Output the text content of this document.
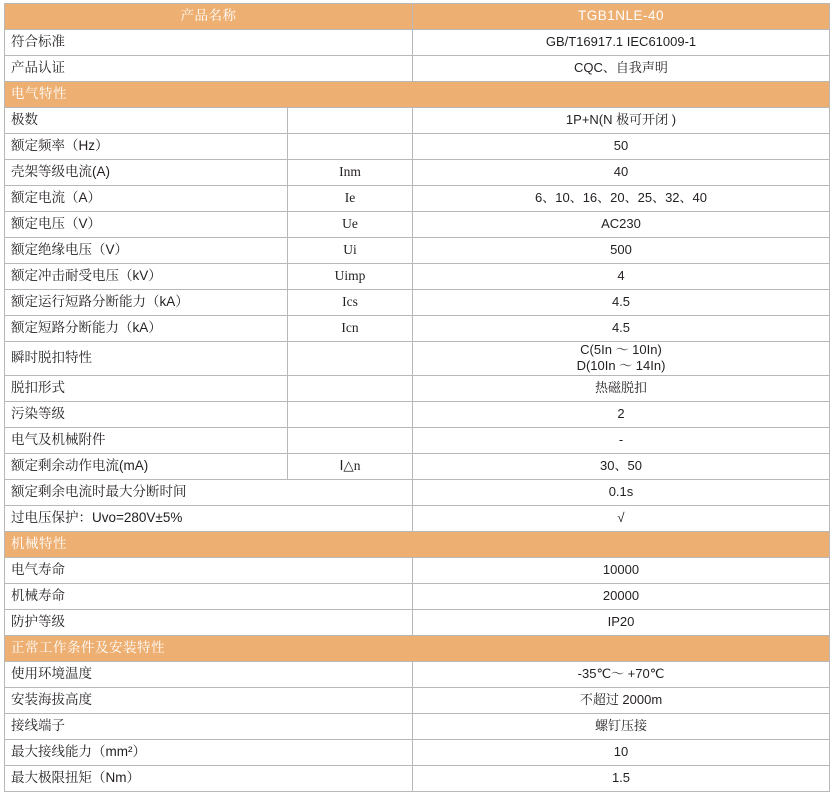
产品名称		TGB1NLE-40
符合标准		GB/T16917.1 IEC61009-1
产品认证		CQC、自我声明
电气特性		
极数		1P+N(N 极可开闭 )
额定频率（Hz）		50
壳架等级电流(A)	Inm	40
额定电流（A）	Ie	6、10、16、20、25、32、40
额定电压（V）	Ue	AC230
额定绝缘电压（V）	Ui	500
额定冲击耐受电压（kV）	Uimp	4
额定运行短路分断能力（kA）	Ics	4.5
额定短路分断能力（kA）	Icn	4.5
瞬时脱扣特性		C(5In ～ 10In)
D(10In ～ 14In)

脱扣形式		热磁脱扣
污染等级		2
电气及机械附件		-
额定剩余动作电流(mA)	Ⅰ△n	30、50
额定剩余电流时最大分断时间		0.1s
过电压保护：Uvo=280V±5%		√
机械特性		
电气寿命		10000
机械寿命		20000
防护等级		IP20
正常工作条件及安装特性		
使用环境温度		-35℃～ +70℃
安装海拔高度		不超过 2000m
接线端子		螺钉压接
最大接线能力（mm²）		10
最大极限扭矩（Nm）		1.5
